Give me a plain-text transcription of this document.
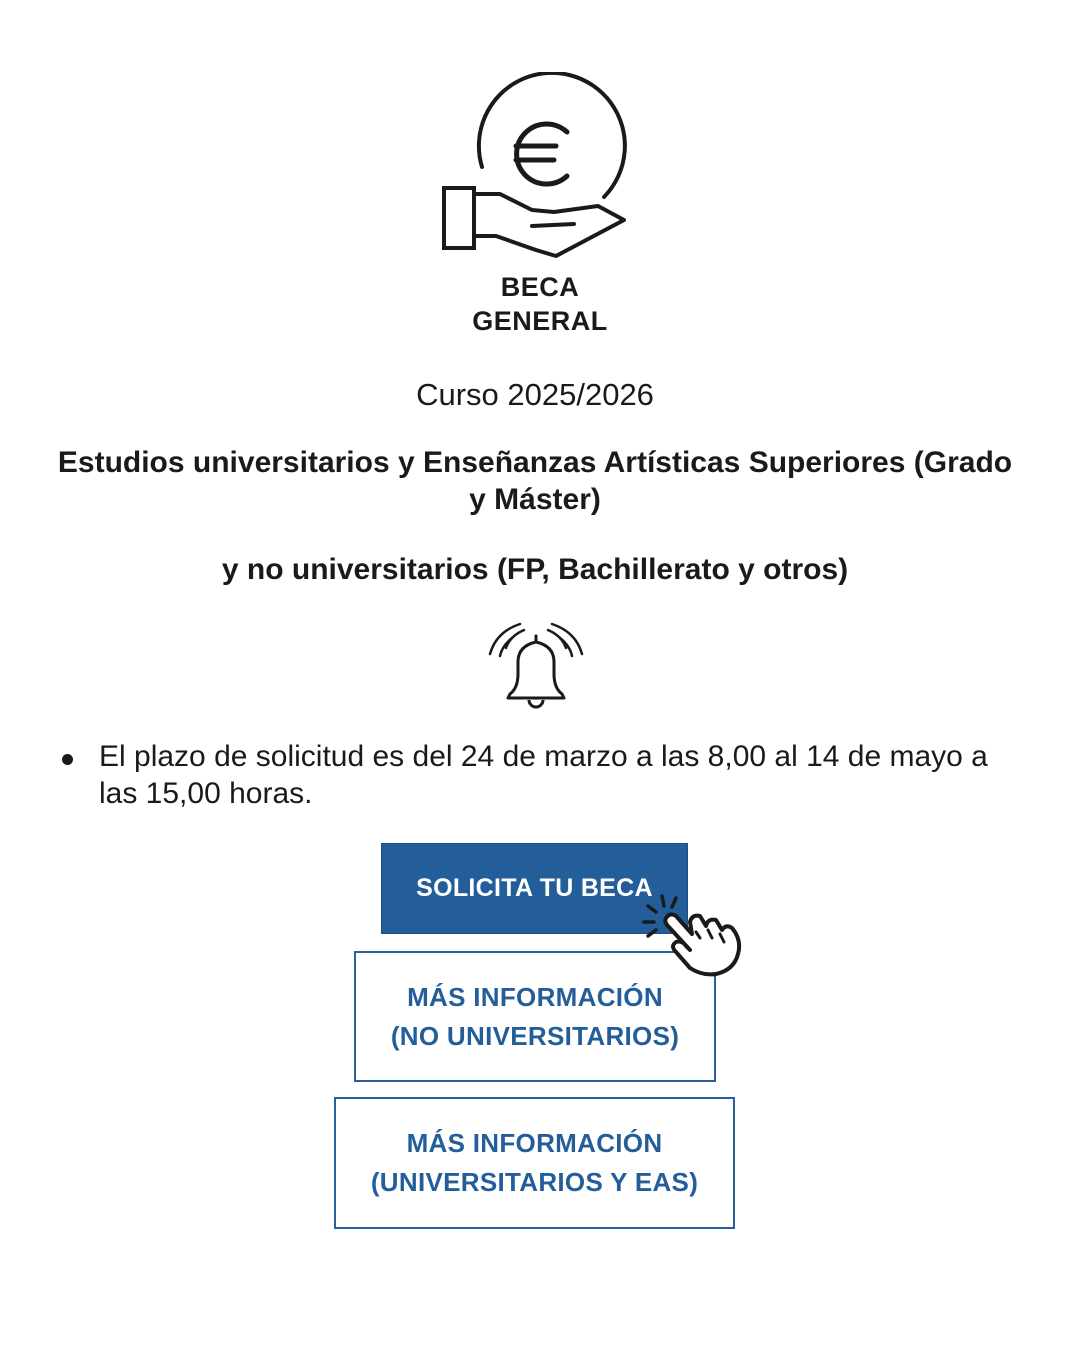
BECA
GENERAL
Curso 2025/2026
Estudios universitarios y Enseñanzas Artísticas Superiores (Grado y Máster)
y no universitarios (FP, Bachillerato y otros)
El plazo de solicitud es del 24 de marzo a las 8,00 al 14 de mayo a las 15,00 horas.
SOLICITA TU BECA
MÁS INFORMACIÓN
(NO UNIVERSITARIOS)
MÁS INFORMACIÓN
(UNIVERSITARIOS Y EAS)
